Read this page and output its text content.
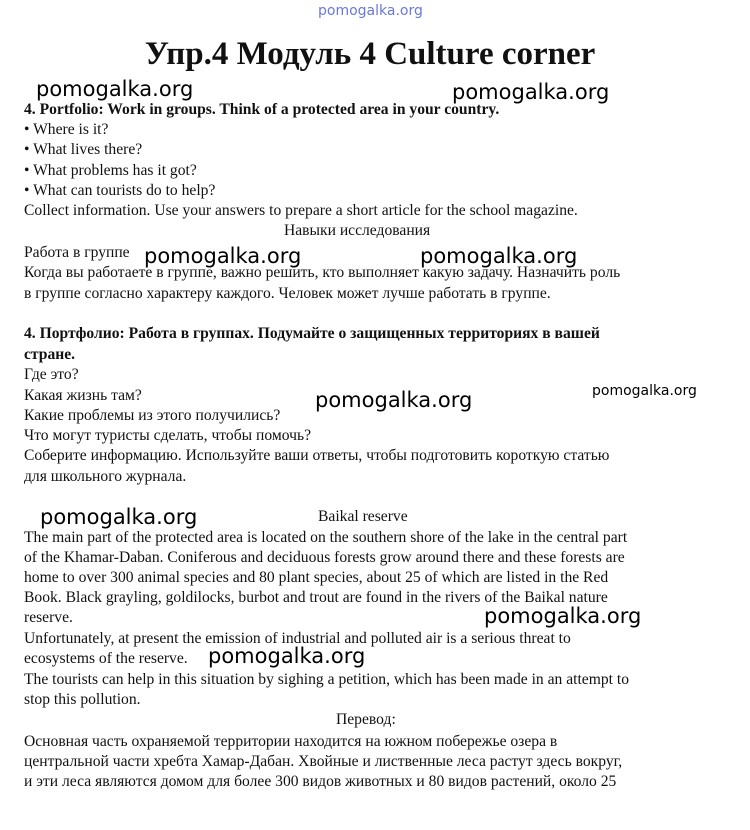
pomogalka.org
Упр.4 Модуль 4 Culture corner
pomogalka.org	pomogalka.org
4. Portfolio: Work in groups. Think of a protected area in your country.
• Where is it?
• What lives there?
• What problems has it got?
• What can tourists do to help?
Collect information. Use your answers to prepare a short article for the school magazine.
Навыки исследования
Работа в группе pomogalka.org	pomogalka.org
Когда вы работаете в группе, важно решить, кто выполняет какую задачу. Назначить роль
в группе согласно характеру каждого. Человек может лучше работать в группе.
4. Портфолио: Работа в группах. Подумайте о защищенных территориях в вашей
стране.
Где это?
Какая жизнь там?	pomogalka.org	pomogalka.org
Какие проблемы из этого получились?
Что могут туристы сделать, чтобы помочь?
Соберите информацию. Используйте ваши ответы, чтобы подготовить короткую статью
для школьного журнала.
pomogalka.org	Baikal reserve
The main part of the protected area is located on the southern shore of the lake in the central part
of the Khamar-Daban. Coniferous and deciduous forests grow around there and these forests are
home to over 300 animal species and 80 plant species, about 25 of which are listed in the Red
Book. Black grayling, goldilocks, burbot and trout are found in the rivers of the Baikal nature
reserve.	pomogalka.org
Unfortunately, at present the emission of industrial and polluted air is a serious threat to
ecosystems of the reserve. pomogalka.org
The tourists can help in this situation by sighing a petition, which has been made in an attempt to
stop this pollution.
Перевод:
Основная часть охраняемой территории находится на южном побережье озера в
центральной части хребта Хамар-Дабан. Хвойные и лиственные леса растут здесь вокруг,
и эти леса являются домом для более 300 видов животных и 80 видов растений, около 25
